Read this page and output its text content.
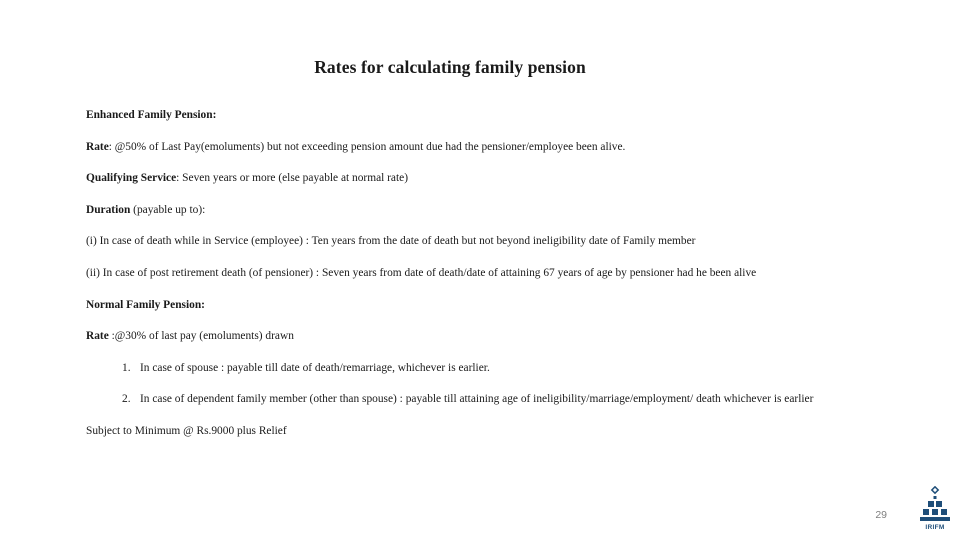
Rates for calculating family pension

Enhanced Family Pension:

Rate: @50% of Last Pay(emoluments) but not exceeding pension amount due had the pensioner/employee been alive.

Qualifying Service: Seven years or more (else payable at normal rate)

Duration (payable up to):

(i) In case of death while in Service (employee) : Ten years from the date of death but not beyond ineligibility date of Family member

(ii) In case of post retirement death (of pensioner) : Seven years from date of death/date of attaining 67 years of age by pensioner had he been alive

Normal Family Pension:

Rate :@30% of last pay (emoluments) drawn

1. In case of spouse : payable till date of death/remarriage, whichever is earlier.
2. In case of dependent family member (other than spouse) : payable till attaining age of ineligibility/marriage/employment/ death whichever is earlier

Subject to Minimum @ Rs.9000 plus Relief

29
IRIFM
